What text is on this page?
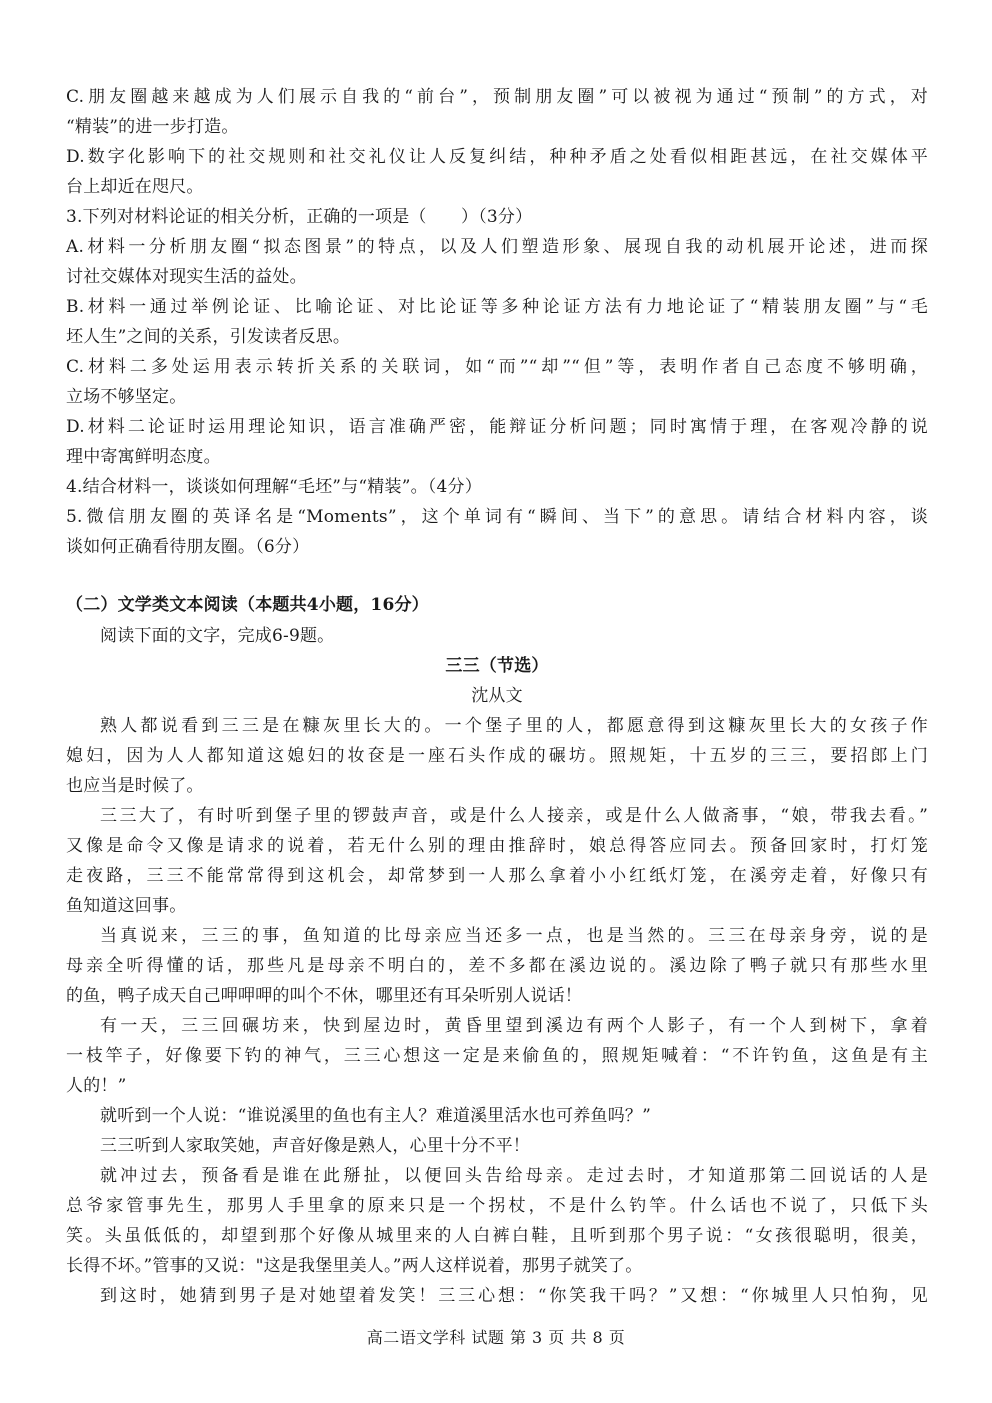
C.朋友圈越来越成为人们展示自我的“前台”，预制朋友圈”可以被视为通过“预制”的方式，对

“精装”的进一步打造。

D.数字化影响下的社交规则和社交礼仪让人反复纠结，种种矛盾之处看似相距甚远，在社交媒体平

台上却近在咫尺。

3.下列对材料论证的相关分析，正确的一项是（　　）（3分）

A.材料一分析朋友圈“拟态图景”的特点，以及人们塑造形象、展现自我的动机展开论述，进而探

讨社交媒体对现实生活的益处。

B.材料一通过举例论证、比喻论证、对比论证等多种论证方法有力地论证了“精装朋友圈”与“毛

坯人生”之间的关系，引发读者反思。

C.材料二多处运用表示转折关系的关联词，如“而”“却”“但”等，表明作者自己态度不够明确，

立场不够坚定。

D.材料二论证时运用理论知识，语言准确严密，能辩证分析问题；同时寓情于理，在客观冷静的说

理中寄寓鲜明态度。

4.结合材料一，谈谈如何理解“毛坯”与“精装”。（4分）

5.微信朋友圈的英译名是“Moments”，这个单词有“瞬间、当下”的意思。请结合材料内容，谈

谈如何正确看待朋友圈。（6分）

（二）文学类文本阅读（本题共4小题，16分）

阅读下面的文字，完成6-9题。

三三（节选）

沈从文

熟人都说看到三三是在糠灰里长大的。一个堡子里的人，都愿意得到这糠灰里长大的女孩子作

媳妇，因为人人都知道这媳妇的妆奁是一座石头作成的碾坊。照规矩，十五岁的三三，要招郎上门

也应当是时候了。

三三大了，有时听到堡子里的锣鼓声音，或是什么人接亲，或是什么人做斋事，“娘，带我去看。”

又像是命令又像是请求的说着，若无什么别的理由推辞时，娘总得答应同去。预备回家时，打灯笼

走夜路，三三不能常常得到这机会，却常梦到一人那么拿着小小红纸灯笼，在溪旁走着，好像只有

鱼知道这回事。

当真说来，三三的事，鱼知道的比母亲应当还多一点，也是当然的。三三在母亲身旁，说的是

母亲全听得懂的话，那些凡是母亲不明白的，差不多都在溪边说的。溪边除了鸭子就只有那些水里

的鱼，鸭子成天自己呷呷呷的叫个不休，哪里还有耳朵听别人说话！

有一天，三三回碾坊来，快到屋边时，黄昏里望到溪边有两个人影子，有一个人到树下，拿着

一枝竿子，好像要下钓的神气，三三心想这一定是来偷鱼的，照规矩喊着：“不许钓鱼，这鱼是有主

人的！”

就听到一个人说：“谁说溪里的鱼也有主人？难道溪里活水也可养鱼吗？”

三三听到人家取笑她，声音好像是熟人，心里十分不平！

就冲过去，预备看是谁在此掰扯，以便回头告给母亲。走过去时，才知道那第二回说话的人是

总爷家管事先生，那男人手里拿的原来只是一个拐杖，不是什么钓竿。什么话也不说了，只低下头

笑。头虽低低的，却望到那个好像从城里来的人白裤白鞋，且听到那个男子说：“女孩很聪明，很美，

长得不坏。”管事的又说："这是我堡里美人。”两人这样说着，那男子就笑了。

到这时，她猜到男子是对她望着发笑！三三心想：“你笑我干吗？”又想：“你城里人只怕狗，见

高二语文学科 试题 第 3 页 共 8 页
